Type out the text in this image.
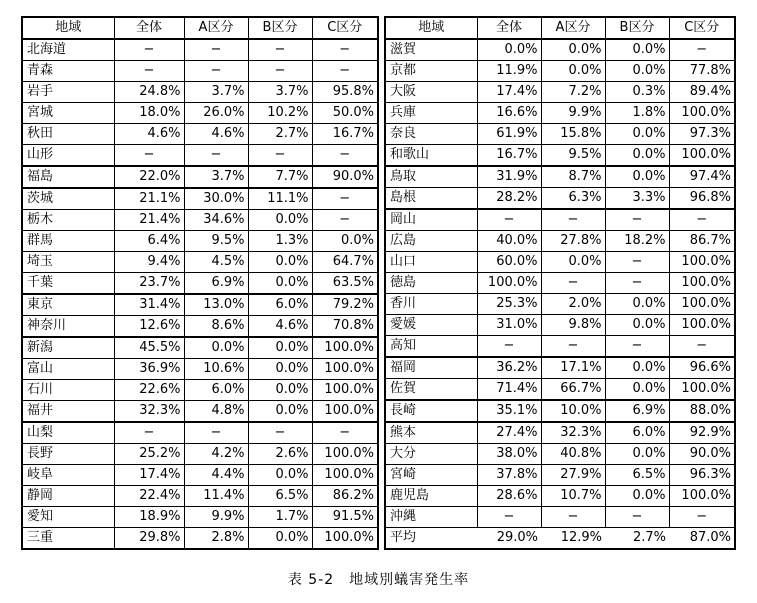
地域	全体	A区分	B区分	C区分
北海道	−	−	−	−
青森	−	−	−	−
岩手	24.8%	3.7%	3.7%	95.8%
宮城	18.0%	26.0%	10.2%	50.0%
秋田	4.6%	4.6%	2.7%	16.7%
山形	−	−	−	−
福島	22.0%	3.7%	7.7%	90.0%
茨城	21.1%	30.0%	11.1%	−
栃木	21.4%	34.6%	0.0%	−
群馬	6.4%	9.5%	1.3%	0.0%
埼玉	9.4%	4.5%	0.0%	64.7%
千葉	23.7%	6.9%	0.0%	63.5%
東京	31.4%	13.0%	6.0%	79.2%
神奈川	12.6%	8.6%	4.6%	70.8%
新潟	45.5%	0.0%	0.0%	100.0%
富山	36.9%	10.6%	0.0%	100.0%
石川	22.6%	6.0%	0.0%	100.0%
福井	32.3%	4.8%	0.0%	100.0%
山梨	−	−	−	−
長野	25.2%	4.2%	2.6%	100.0%
岐阜	17.4%	4.4%	0.0%	100.0%
静岡	22.4%	11.4%	6.5%	86.2%
愛知	18.9%	9.9%	1.7%	91.5%
三重	29.8%	2.8%	0.0%	100.0%
地域	全体	A区分	B区分	C区分
滋賀	0.0%	0.0%	0.0%	−
京都	11.9%	0.0%	0.0%	77.8%
大阪	17.4%	7.2%	0.3%	89.4%
兵庫	16.6%	9.9%	1.8%	100.0%
奈良	61.9%	15.8%	0.0%	97.3%
和歌山	16.7%	9.5%	0.0%	100.0%
鳥取	31.9%	8.7%	0.0%	97.4%
島根	28.2%	6.3%	3.3%	96.8%
岡山	−	−	−	−
広島	40.0%	27.8%	18.2%	86.7%
山口	60.0%	0.0%	−	100.0%
徳島	100.0%	−	−	100.0%
香川	25.3%	2.0%	0.0%	100.0%
愛媛	31.0%	9.8%	0.0%	100.0%
高知	−	−	−	−
福岡	36.2%	17.1%	0.0%	96.6%
佐賀	71.4%	66.7%	0.0%	100.0%
長崎	35.1%	10.0%	6.9%	88.0%
熊本	27.4%	32.3%	6.0%	92.9%
大分	38.0%	40.8%	0.0%	90.0%
宮崎	37.8%	27.9%	6.5%	96.3%
鹿児島	28.6%	10.7%	0.0%	100.0%
沖縄	−	−	−	−
平均	29.0%	12.9%	2.7%	87.0%
表 5-2　地域別蟻害発生率
